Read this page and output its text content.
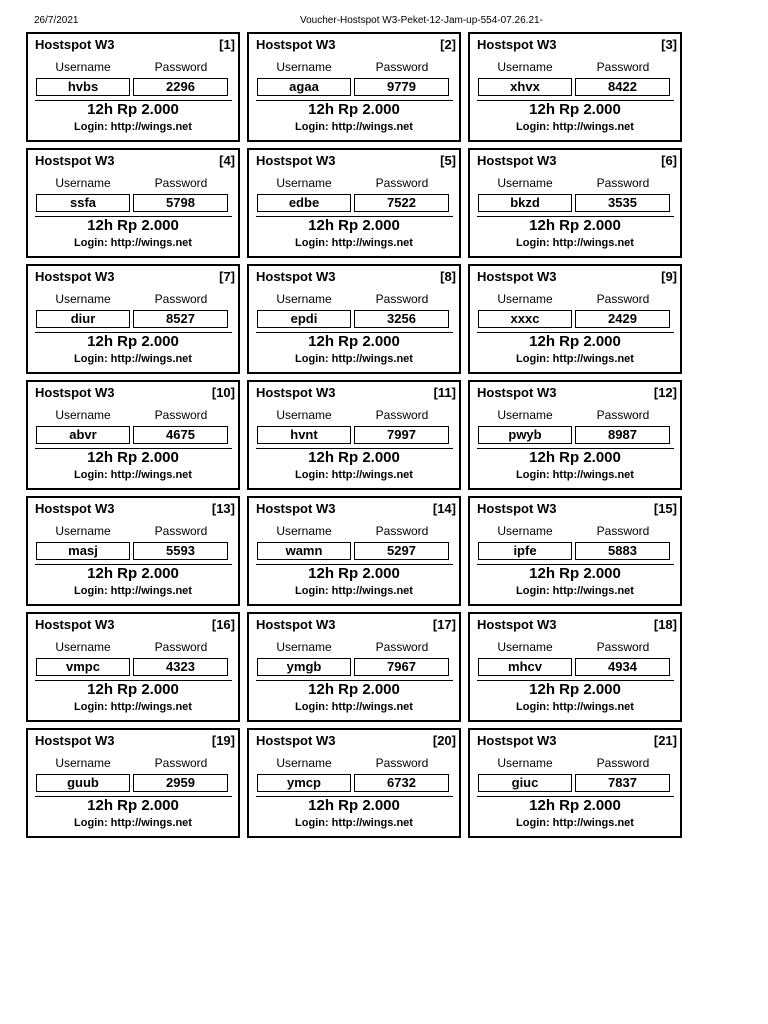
26/7/2021	Voucher-Hostspot W3-Peket-12-Jam-up-554-07.26.21-
Hostspot W3	[1]
Username	Password
hvbs	2296
12h Rp 2.000
Login: http://wings.net
Hostspot W3	[2]
Username	Password
agaa	9779
12h Rp 2.000
Login: http://wings.net
Hostspot W3	[3]
Username	Password
xhvx	8422
12h Rp 2.000
Login: http://wings.net
Hostspot W3	[4]
Username	Password
ssfa	5798
12h Rp 2.000
Login: http://wings.net
Hostspot W3	[5]
Username	Password
edbe	7522
12h Rp 2.000
Login: http://wings.net
Hostspot W3	[6]
Username	Password
bkzd	3535
12h Rp 2.000
Login: http://wings.net
Hostspot W3	[7]
Username	Password
diur	8527
12h Rp 2.000
Login: http://wings.net
Hostspot W3	[8]
Username	Password
epdi	3256
12h Rp 2.000
Login: http://wings.net
Hostspot W3	[9]
Username	Password
xxxc	2429
12h Rp 2.000
Login: http://wings.net
Hostspot W3	[10]
Username	Password
abvr	4675
12h Rp 2.000
Login: http://wings.net
Hostspot W3	[11]
Username	Password
hvnt	7997
12h Rp 2.000
Login: http://wings.net
Hostspot W3	[12]
Username	Password
pwyb	8987
12h Rp 2.000
Login: http://wings.net
Hostspot W3	[13]
Username	Password
masj	5593
12h Rp 2.000
Login: http://wings.net
Hostspot W3	[14]
Username	Password
wamn	5297
12h Rp 2.000
Login: http://wings.net
Hostspot W3	[15]
Username	Password
ipfe	5883
12h Rp 2.000
Login: http://wings.net
Hostspot W3	[16]
Username	Password
vmpc	4323
12h Rp 2.000
Login: http://wings.net
Hostspot W3	[17]
Username	Password
ymgb	7967
12h Rp 2.000
Login: http://wings.net
Hostspot W3	[18]
Username	Password
mhcv	4934
12h Rp 2.000
Login: http://wings.net
Hostspot W3	[19]
Username	Password
guub	2959
12h Rp 2.000
Login: http://wings.net
Hostspot W3	[20]
Username	Password
ymcp	6732
12h Rp 2.000
Login: http://wings.net
Hostspot W3	[21]
Username	Password
giuc	7837
12h Rp 2.000
Login: http://wings.net
